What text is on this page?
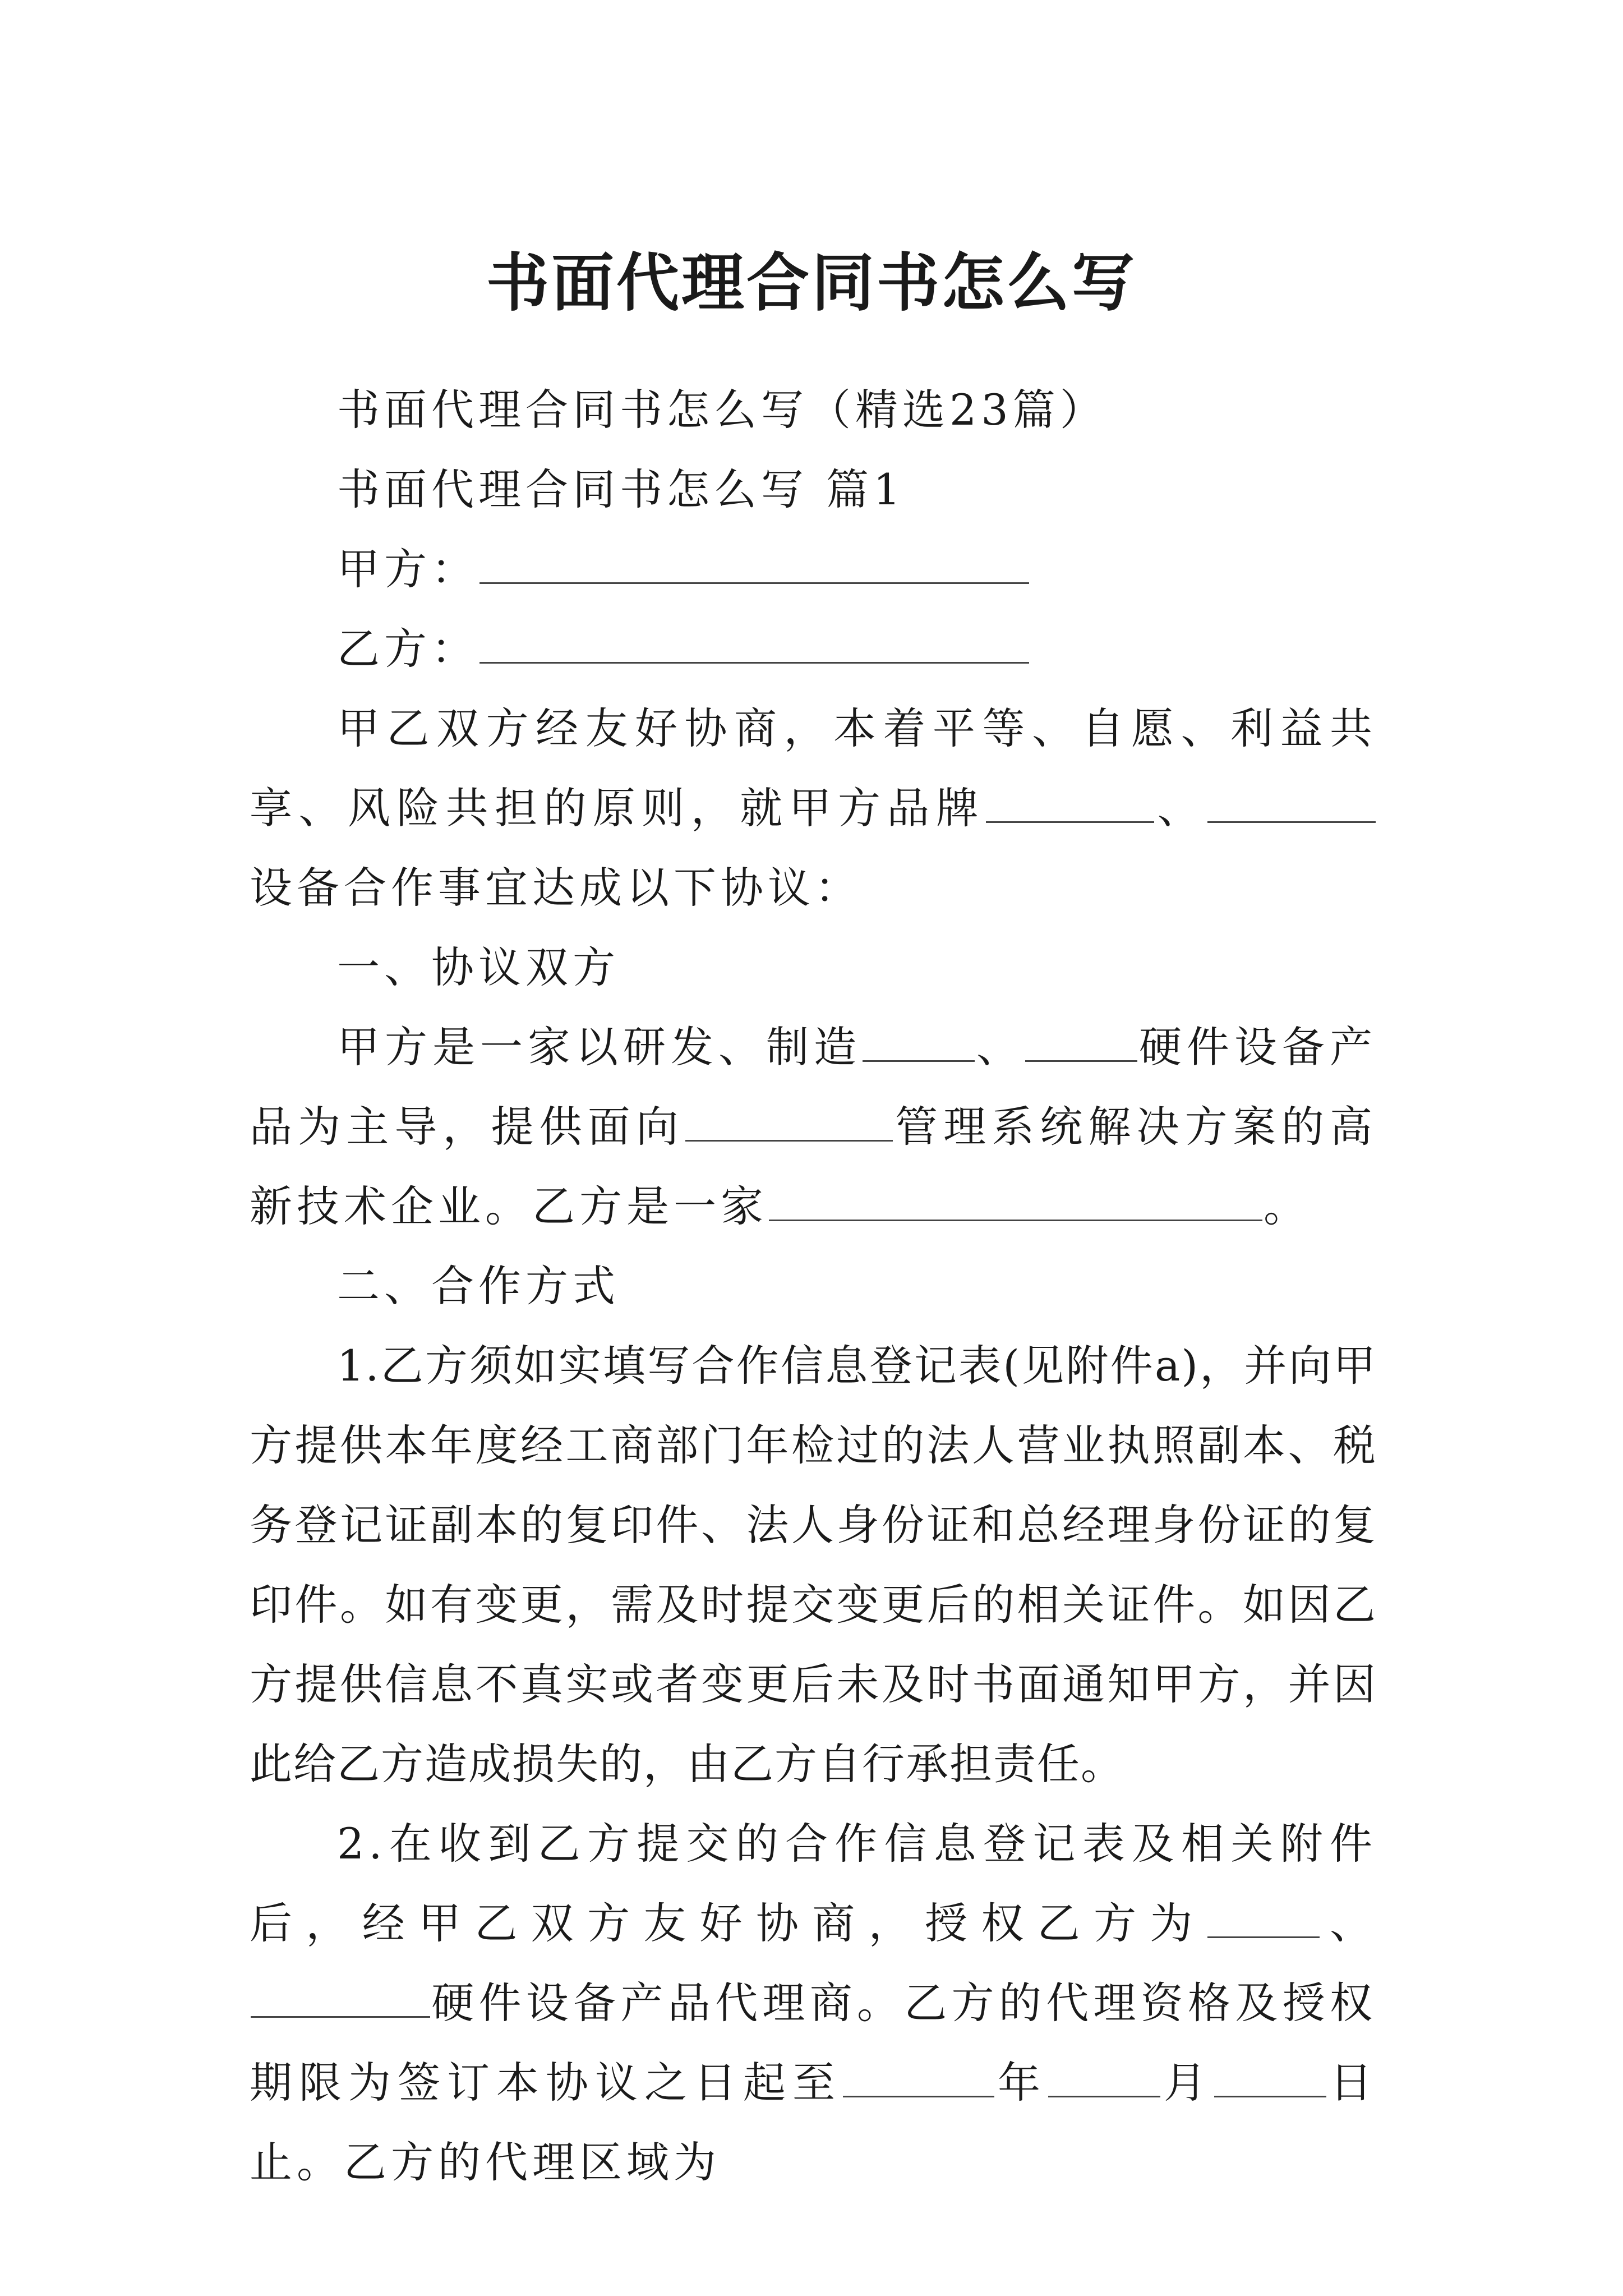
书面代理合同书怎么写

书面代理合同书怎么写（精选23篇）

书面代理合同书怎么写 篇1

甲方：

乙方：

甲乙双方经友好协商，本着平等、自愿、利益共享、风险共担的原则，就甲方品牌	、设备合作事宜达成以下协议：

一、协议双方

甲方是一家以研发、制造	、	硬件设备产品为主导，提供面向	管理系统解决方案的高新技术企业。乙方是一家	。

二、合作方式

1.乙方须如实填写合作信息登记表(见附件a)，并向甲方提供本年度经工商部门年检过的法人营业执照副本、税务登记证副本的复印件、法人身份证和总经理身份证的复印件。如有变更，需及时提交变更后的相关证件。如因乙方提供信息不真实或者变更后未及时书面通知甲方，并因此给乙方造成损失的，由乙方自行承担责任。

2.在收到乙方提交的合作信息登记表及相关附件后，经甲乙双方友好协商，授权乙方为	、硬件设备产品代理商。乙方的代理资格及授权期限为签订本协议之日起至	年	月	日止。乙方的代理区域为
